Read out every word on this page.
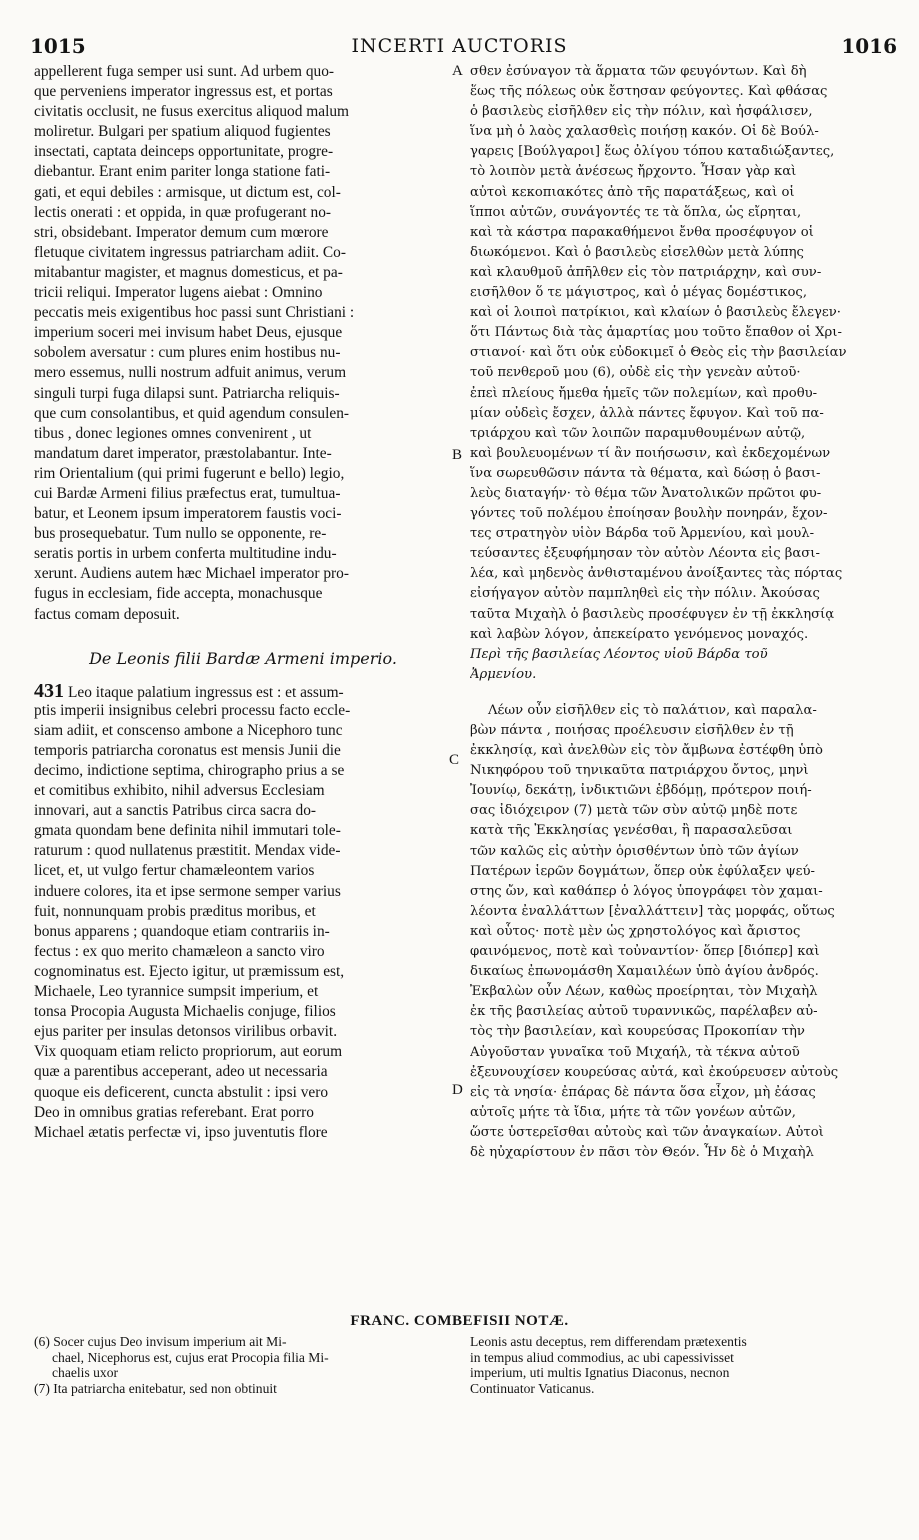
1015	INCERTI AUCTORIS	1016
A
B
C
D
appellerent fuga semper usi sunt. Ad urbem quo-
que perveniens imperator ingressus est, et portas
civitatis occlusit, ne fusus exercitus aliquod malum
moliretur. Bulgari per spatium aliquod fugientes
insectati, captata deinceps opportunitate, progre-
diebantur. Erant enim pariter longa statione fati-
gati, et equi debiles : armisque, ut dictum est, col-
lectis onerati : et oppida, in quæ profugerant no-
stri, obsidebant. Imperator demum cum mœrore
fletuque civitatem ingressus patriarcham adiit. Co-
mitabantur magister, et magnus domesticus, et pa-
tricii reliqui. Imperator lugens aiebat : Omnino
peccatis meis exigentibus hoc passi sunt Christiani :
imperium soceri mei invisum habet Deus, ejusque
sobolem aversatur : cum plures enim hostibus nu-
mero essemus, nulli nostrum adfuit animus, verum
singuli turpi fuga dilapsi sunt. Patriarcha reliquis-
que cum consolantibus, et quid agendum consulen-
tibus , donec legiones omnes convenirent , ut
mandatum daret imperator, præstolabantur. Inte-
rim Orientalium (qui primi fugerunt e bello) legio,
cui Bardæ Armeni filius præfectus erat, tumultua-
batur, et Leonem ipsum imperatorem faustis voci-
bus prosequebatur. Tum nullo se opponente, re-
seratis portis in urbem conferta multitudine indu-
xerunt. Audiens autem hæc Michael imperator pro-
fugus in ecclesiam, fide accepta, monachusque
factus comam deposuit.
De Leonis filii Bardæ Armeni imperio.
431 Leo itaque palatium ingressus est : et assum-
ptis imperii insignibus celebri processu facto eccle-
siam adiit, et conscenso ambone a Nicephoro tunc
temporis patriarcha coronatus est mensis Junii die
decimo, indictione septima, chirographo prius a se
et comitibus exhibito, nihil adversus Ecclesiam
innovari, aut a sanctis Patribus circa sacra do-
gmata quondam bene definita nihil immutari tole-
raturum : quod nullatenus præstitit. Mendax vide-
licet, et, ut vulgo fertur chamæleontem varios
induere colores, ita et ipse sermone semper varius
fuit, nonnunquam probis præditus moribus, et
bonus apparens ; quandoque etiam contrariis in-
fectus : ex quo merito chamæleon a sancto viro
cognominatus est. Ejecto igitur, ut præmissum est,
Michaele, Leo tyrannice sumpsit imperium, et
tonsa Procopia Augusta Michaelis conjuge, filios
ejus pariter per insulas detonsos virilibus orbavit.
Vix quoquam etiam relicto propriorum, aut eorum
quæ a parentibus acceperant, adeo ut necessaria
quoque eis deficerent, cuncta abstulit : ipsi vero
Deo in omnibus gratias referebant. Erat porro
Michael ætatis perfectæ vi, ipso juventutis flore
σθεν ἐσύναγον τὰ ἅρματα τῶν φευγόντων. Καὶ δὴ
ἕως τῆς πόλεως οὐκ ἔστησαν φεύγοντες. Καὶ φθάσας
ὁ βασιλεὺς εἰσῆλθεν εἰς τὴν πόλιν, καὶ ἠσφάλισεν,
ἵνα μὴ ὁ λαὸς χαλασθεὶς ποιήσῃ κακόν. Οἱ δὲ Βούλ-
γαρεις [Βούλγαροι] ἕως ὀλίγου τόπου καταδιώξαντες,
τὸ λοιπὸν μετὰ ἀνέσεως ἤρχοντο. Ἦσαν γὰρ καὶ
αὐτοὶ κεκοπιακότες ἀπὸ τῆς παρατάξεως, καὶ οἱ
ἵπποι αὐτῶν, συνάγοντές τε τὰ ὅπλα, ὡς εἴρηται,
καὶ τὰ κάστρα παρακαθήμενοι ἔνθα προσέφυγον οἱ
διωκόμενοι. Καὶ ὁ βασιλεὺς εἰσελθὼν μετὰ λύπης
καὶ κλαυθμοῦ ἀπῆλθεν εἰς τὸν πατριάρχην, καὶ συν-
εισῆλθον ὅ τε μάγιστρος, καὶ ὁ μέγας δομέστικος,
καὶ οἱ λοιποὶ πατρίκιοι, καὶ κλαίων ὁ βασιλεὺς ἔλεγεν·
ὅτι Πάντως διὰ τὰς ἁμαρτίας μου τοῦτο ἔπαθον οἱ Χρι-
στιανοί· καὶ ὅτι οὐκ εὐδοκιμεῖ ὁ Θεὸς εἰς τὴν βασιλείαν
τοῦ πενθεροῦ μου (6), οὐδὲ εἰς τὴν γενεὰν αὐτοῦ·
ἐπεὶ πλείους ἤμεθα ἡμεῖς τῶν πολεμίων, καὶ προθυ-
μίαν οὐδεὶς ἔσχεν, ἀλλὰ πάντες ἔφυγον. Καὶ τοῦ πα-
τριάρχου καὶ τῶν λοιπῶν παραμυθουμένων αὐτῷ,
καὶ βουλευομένων τί ἂν ποιήσωσιν, καὶ ἐκδεχομένων
ἵνα σωρευθῶσιν πάντα τὰ θέματα, καὶ δώσῃ ὁ βασι-
λεὺς διαταγήν· τὸ θέμα τῶν Ἀνατολικῶν πρῶτοι φυ-
γόντες τοῦ πολέμου ἐποίησαν βουλὴν πονηράν, ἔχον-
τες στρατηγὸν υἱὸν Βάρδα τοῦ Ἀρμενίου, καὶ μουλ-
τεύσαντες ἐξευφήμησαν τὸν αὐτὸν Λέοντα εἰς βασι-
λέα, καὶ μηδενὸς ἀνθισταμένου ἀνοίξαντες τὰς πόρτας
εἰσήγαγον αὐτὸν παμπληθεὶ εἰς τὴν πόλιν. Ἀκούσας
ταῦτα Μιχαὴλ ὁ βασιλεὺς προσέφυγεν ἐν τῇ ἐκκλησίᾳ
καὶ λαβὼν λόγον, ἀπεκείρατο γενόμενος μοναχός.
Περὶ τῆς βασιλείας Λέοντος υἱοῦ Βάρδα τοῦ
Ἀρμενίου.
Λέων οὖν εἰσῆλθεν εἰς τὸ παλάτιον, καὶ παραλα-
βὼν πάντα , ποιήσας προέλευσιν εἰσῆλθεν ἐν τῇ
ἐκκλησίᾳ, καὶ ἀνελθὼν εἰς τὸν ἄμβωνα ἐστέφθη ὑπὸ
Νικηφόρου τοῦ τηνικαῦτα πατριάρχου ὄντος, μηνὶ
Ἰουνίῳ, δεκάτῃ, ἰνδικτιῶνι ἑβδόμῃ, πρότερον ποιή-
σας ἰδιόχειρον (7) μετὰ τῶν σὺν αὐτῷ μηδὲ ποτε
κατὰ τῆς Ἐκκλησίας γενέσθαι, ἢ παρασαλεῦσαι
τῶν καλῶς εἰς αὐτὴν ὁρισθέντων ὑπὸ τῶν ἁγίων
Πατέρων ἱερῶν δογμάτων, ὅπερ οὐκ ἐφύλαξεν ψεύ-
στης ὤν, καὶ καθάπερ ὁ λόγος ὑπογράφει τὸν χαμαι-
λέοντα ἐναλλάττων [ἐναλλάττειν] τὰς μορφάς, οὕτως
καὶ οὗτος· ποτὲ μὲν ὡς χρηστολόγος καὶ ἄριστος
φαινόμενος, ποτὲ καὶ τοὐναντίον· ὅπερ [διόπερ] καὶ
δικαίως ἐπωνομάσθη Χαμαιλέων ὑπὸ ἁγίου ἀνδρός.
Ἐκβαλὼν οὖν Λέων, καθὼς προείρηται, τὸν Μιχαὴλ
ἐκ τῆς βασιλείας αὐτοῦ τυραννικῶς, παρέλαβεν αὐ-
τὸς τὴν βασιλείαν, καὶ κουρεύσας Προκοπίαν τὴν
Αὐγοῦσταν γυναῖκα τοῦ Μιχαήλ, τὰ τέκνα αὐτοῦ
ἐξευνουχίσεν κουρεύσας αὐτά, καὶ ἐκούρευσεν αὐτοὺς
εἰς τὰ νησία· ἐπάρας δὲ πάντα ὅσα εἶχον, μὴ ἐάσας
αὐτοῖς μήτε τὰ ἴδια, μήτε τὰ τῶν γονέων αὐτῶν,
ὥστε ὑστερεῖσθαι αὐτοὺς καὶ τῶν ἀναγκαίων. Αὐτοὶ
δὲ ηὐχαρίστουν ἐν πᾶσι τὸν Θεόν. Ἦν δὲ ὁ Μιχαὴλ
FRANC. COMBEFISII NOTÆ.
(6) Socer cujus Deo invisum imperium ait Mi-
chael, Nicephorus est, cujus erat Procopia filia Mi-
chaelis uxor
(7) Ita patriarcha enitebatur, sed non obtinuit
Leonis astu deceptus, rem differendam prætexentis
in tempus aliud commodius, ac ubi capessivisset
imperium, uti multis Ignatius Diaconus, necnon
Continuator Vaticanus.
